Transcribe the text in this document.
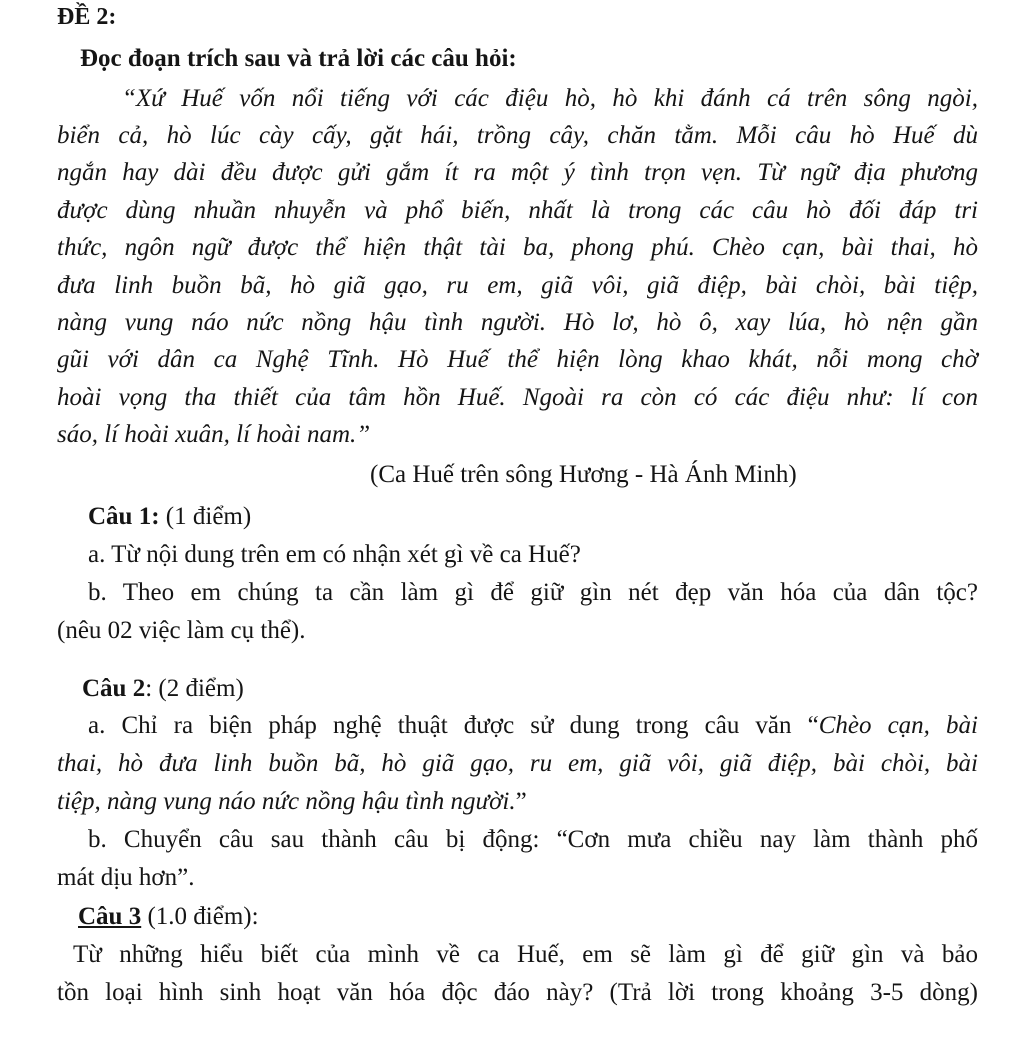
ĐỀ 2:
Đọc đoạn trích sau và trả lời các câu hỏi:
“Xứ Huế vốn nổi tiếng với các điệu hò, hò khi đánh cá trên sông ngòi,
biển cả, hò lúc cày cấy, gặt hái, trồng cây, chăn tằm. Mỗi câu hò Huế dù
ngắn hay dài đều được gửi gắm ít ra một ý tình trọn vẹn. Từ ngữ địa phương
được dùng nhuần nhuyễn và phổ biến, nhất là trong các câu hò đối đáp tri
thức, ngôn ngữ được thể hiện thật tài ba, phong phú. Chèo cạn, bài thai, hò
đưa linh buồn bã, hò giã gạo, ru em, giã vôi, giã điệp, bài chòi, bài tiệp,
nàng vung náo nức nồng hậu tình người. Hò lơ, hò ô, xay lúa, hò nện gần
gũi với dân ca Nghệ Tĩnh. Hò Huế thể hiện lòng khao khát, nỗi mong chờ
hoài vọng tha thiết của tâm hồn Huế. Ngoài ra còn có các điệu như: lí con
sáo, lí hoài xuân, lí hoài nam.”
(Ca Huế trên sông Hương - Hà Ánh Minh)
Câu 1: (1 điểm)
a. Từ nội dung trên em có nhận xét gì về ca Huế?
b. Theo em chúng ta cần làm gì để giữ gìn nét đẹp văn hóa của dân tộc?
(nêu 02 việc làm cụ thể).
Câu 2: (2 điểm)
a. Chỉ ra biện pháp nghệ thuật được sử dung trong câu văn “Chèo cạn, bài
thai, hò đưa linh buồn bã, hò giã gạo, ru em, giã vôi, giã điệp, bài chòi, bài
tiệp, nàng vung náo nức nồng hậu tình người.”
b. Chuyển câu sau thành câu bị động: “Cơn mưa chiều nay làm thành phố
mát dịu hơn”.
Câu 3 (1.0 điểm):
Từ những hiểu biết của mình về ca Huế, em sẽ làm gì để giữ gìn và bảo
tồn loại hình sinh hoạt văn hóa độc đáo này? (Trả lời trong khoảng 3-5 dòng)
